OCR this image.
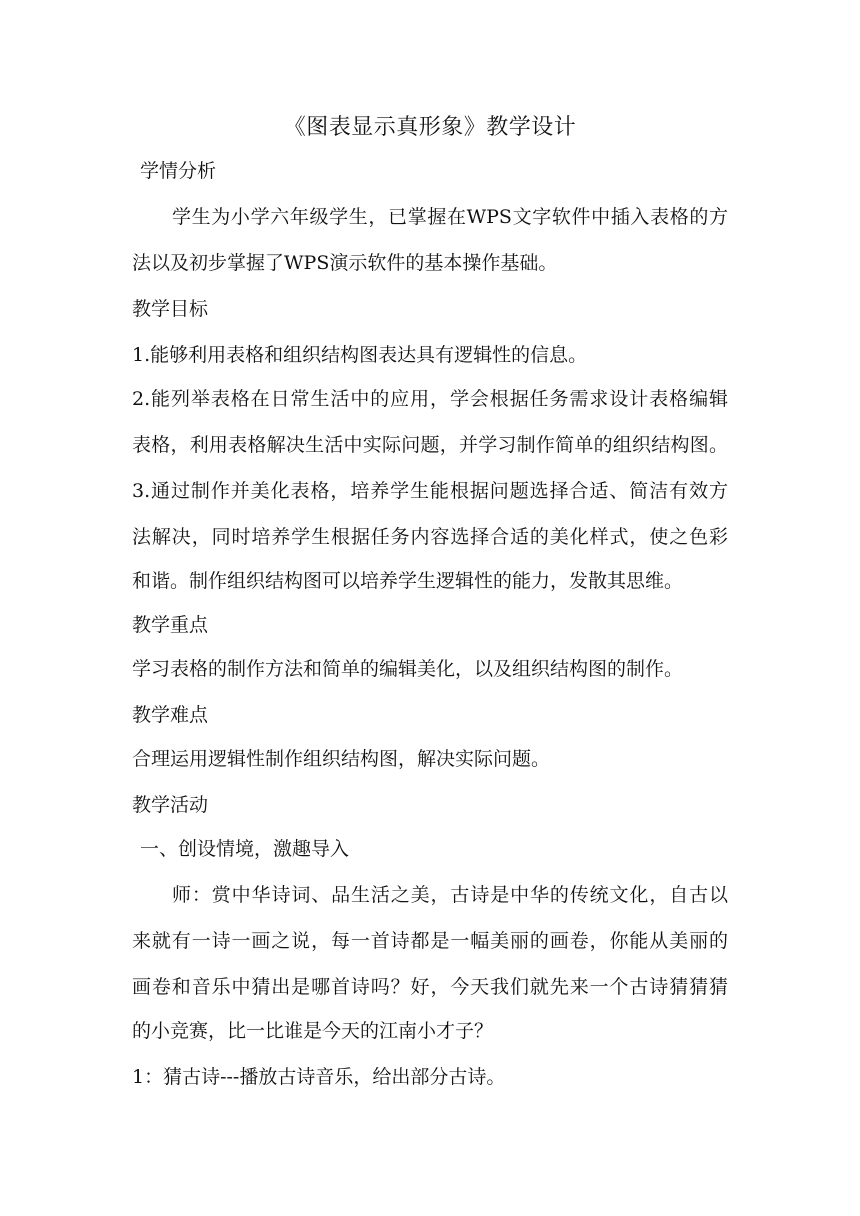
《图表显示真形象》教学设计
学情分析
学生为小学六年级学生，已掌握在WPS文字软件中插入表格的方
法以及初步掌握了WPS演示软件的基本操作基础。
教学目标
1.能够利用表格和组织结构图表达具有逻辑性的信息。
2.能列举表格在日常生活中的应用，学会根据任务需求设计表格编辑
表格，利用表格解决生活中实际问题，并学习制作简单的组织结构图。
3.通过制作并美化表格，培养学生能根据问题选择合适、简洁有效方
法解决，同时培养学生根据任务内容选择合适的美化样式，使之色彩
和谐。制作组织结构图可以培养学生逻辑性的能力，发散其思维。
教学重点
学习表格的制作方法和简单的编辑美化，以及组织结构图的制作。
教学难点
合理运用逻辑性制作组织结构图，解决实际问题。
教学活动
一、创设情境，激趣导入
师：赏中华诗词、品生活之美，古诗是中华的传统文化，自古以
来就有一诗一画之说，每一首诗都是一幅美丽的画卷，你能从美丽的
画卷和音乐中猜出是哪首诗吗？好，今天我们就先来一个古诗猜猜猜
的小竞赛，比一比谁是今天的江南小才子？
1：猜古诗---播放古诗音乐，给出部分古诗。
